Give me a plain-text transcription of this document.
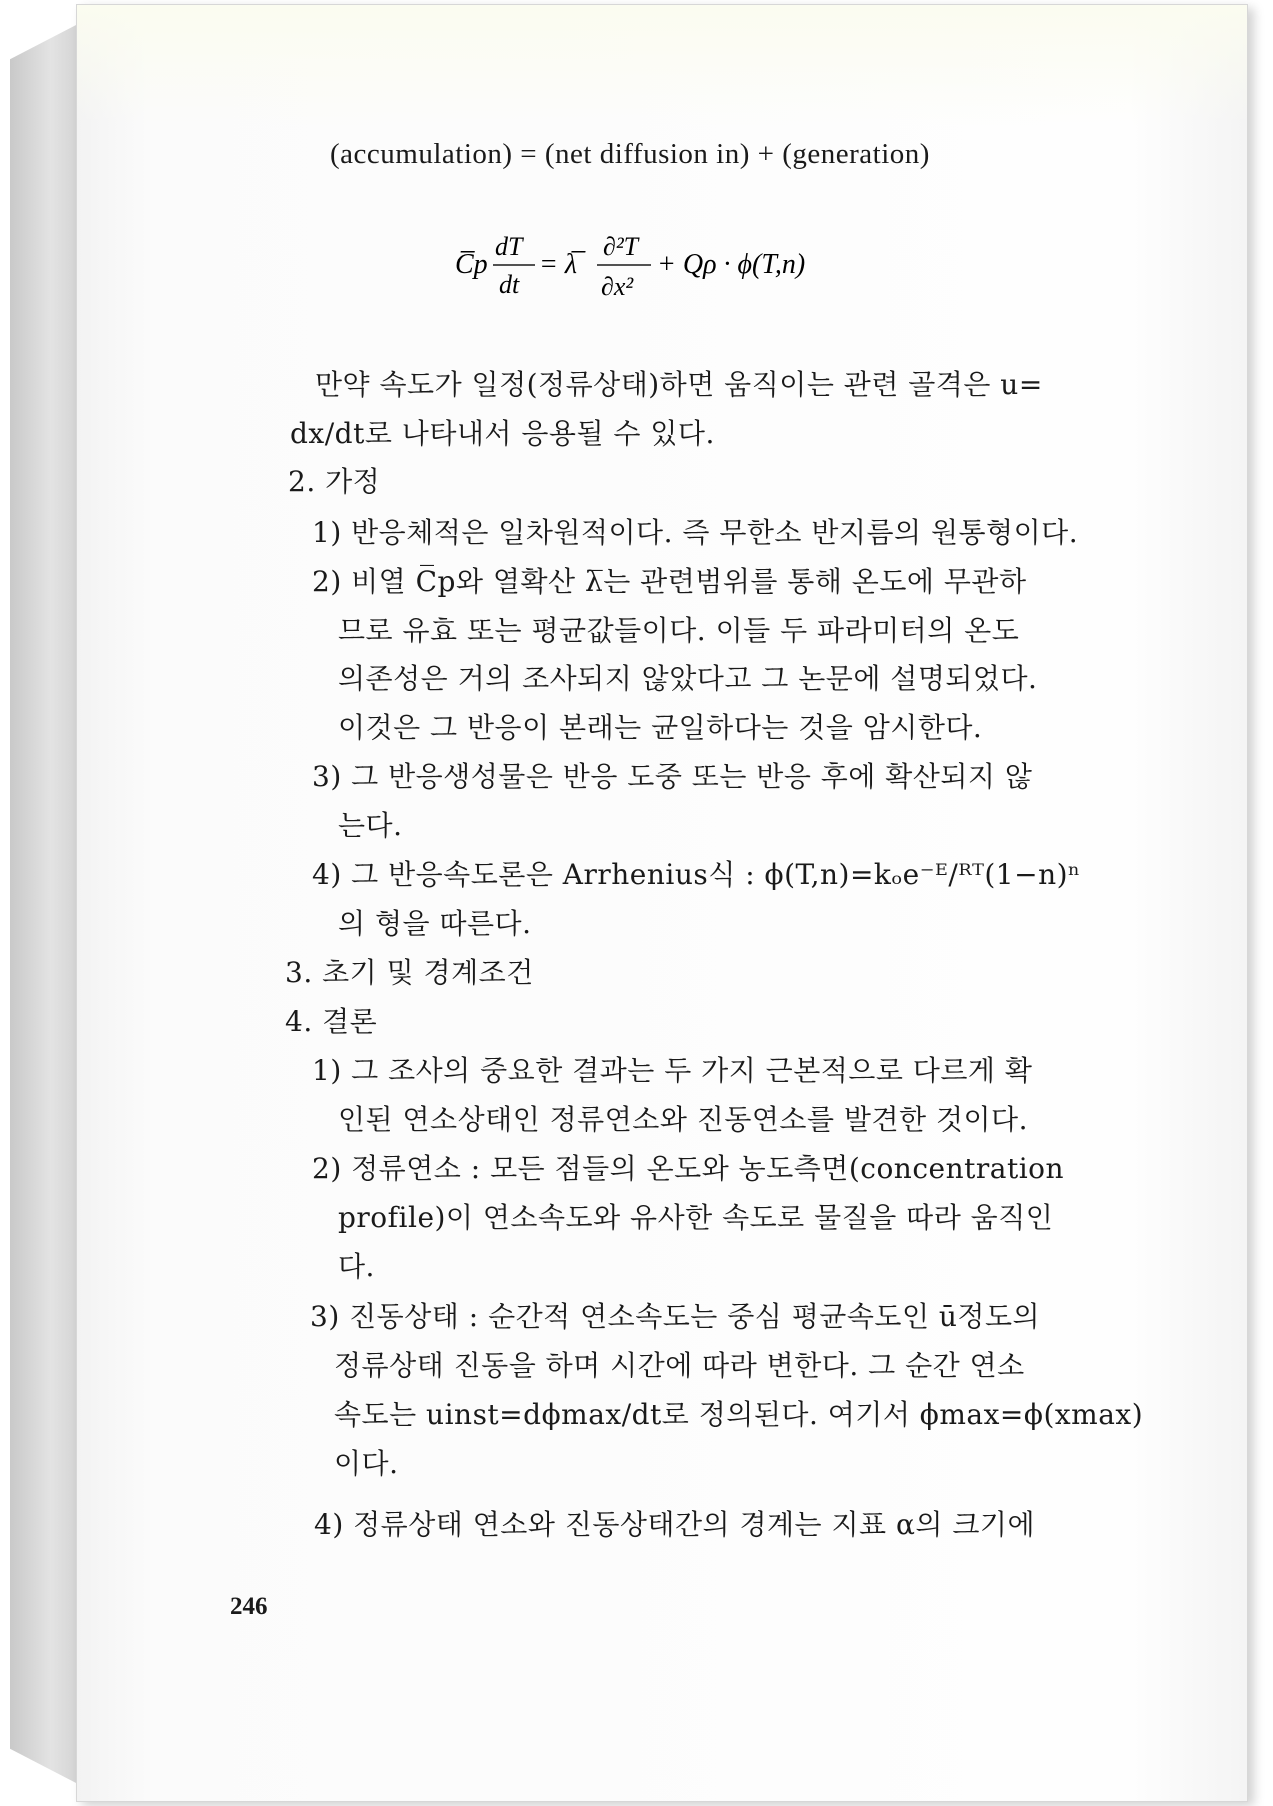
(accumulation) = (net diffusion in) + (generation)
C̅p
dT
dt
= λ̅
∂²T
∂x²
+ Qρ · ϕ(T,n)
만약 속도가 일정(정류상태)하면 움직이는 관련 골격은 u=
dx/dt로 나타내서 응용될 수 있다.
2. 가정
1) 반응체적은 일차원적이다. 즉 무한소 반지름의 원통형이다.
2) 비열 C̅p와 열확산 λ̅는 관련범위를 통해 온도에 무관하
므로 유효 또는 평균값들이다. 이들 두 파라미터의 온도
의존성은 거의 조사되지 않았다고 그 논문에 설명되었다.
이것은 그 반응이 본래는 균일하다는 것을 암시한다.
3) 그 반응생성물은 반응 도중 또는 반응 후에 확산되지 않
는다.
4) 그 반응속도론은 Arrhenius식 : ϕ(T,n)=kₒe⁻ᴱ/ᴿᵀ(1−n)ⁿ
의 형을 따른다.
3. 초기 및 경계조건
4. 결론
1) 그 조사의 중요한 결과는 두 가지 근본적으로 다르게 확
인된 연소상태인 정류연소와 진동연소를 발견한 것이다.
2) 정류연소 : 모든 점들의 온도와 농도측면(concentration
profile)이 연소속도와 유사한 속도로 물질을 따라 움직인
다.
3) 진동상태 : 순간적 연소속도는 중심 평균속도인 ū정도의
정류상태 진동을 하며 시간에 따라 변한다. 그 순간 연소
속도는 uinst=dϕmax/dt로 정의된다. 여기서 ϕmax=ϕ(xmax)
이다.
4) 정류상태 연소와 진동상태간의 경계는 지표 α의 크기에
246
